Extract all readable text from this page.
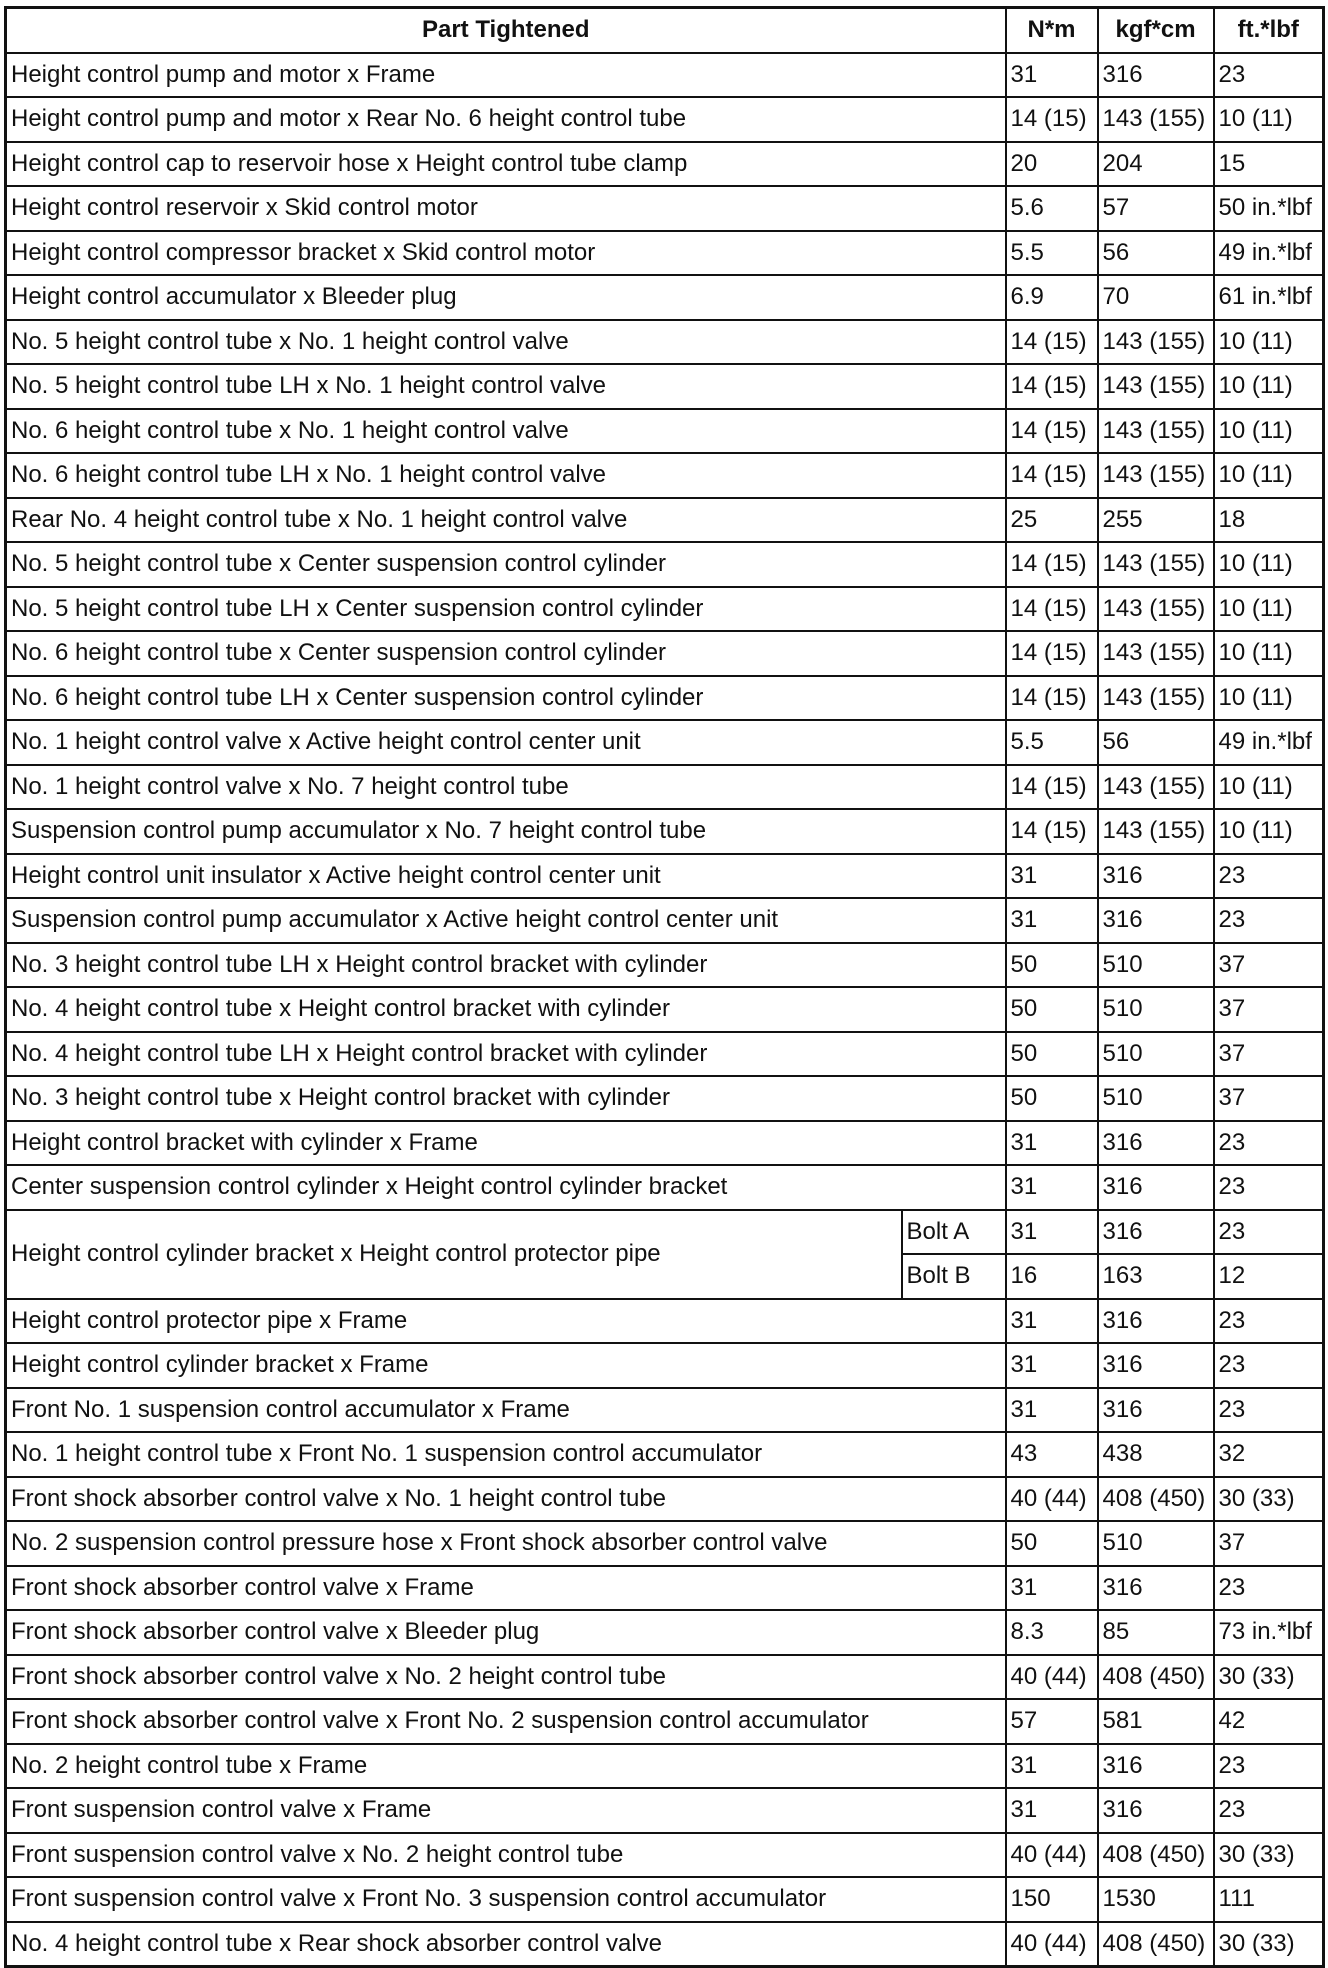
Part Tightened		N*m	kgf*cm	ft.*lbf
Height control pump and motor x Frame		31	316	23
Height control pump and motor x Rear No. 6 height control tube		14 (15)	143 (155)	10 (11)
Height control cap to reservoir hose x Height control tube clamp		20	204	15
Height control reservoir x Skid control motor		5.6	57	50 in.*lbf
Height control compressor bracket x Skid control motor		5.5	56	49 in.*lbf
Height control accumulator x Bleeder plug		6.9	70	61 in.*lbf
No. 5 height control tube x No. 1 height control valve		14 (15)	143 (155)	10 (11)
No. 5 height control tube LH x No. 1 height control valve		14 (15)	143 (155)	10 (11)
No. 6 height control tube x No. 1 height control valve		14 (15)	143 (155)	10 (11)
No. 6 height control tube LH x No. 1 height control valve		14 (15)	143 (155)	10 (11)
Rear No. 4 height control tube x No. 1 height control valve		25	255	18
No. 5 height control tube x Center suspension control cylinder		14 (15)	143 (155)	10 (11)
No. 5 height control tube LH x Center suspension control cylinder		14 (15)	143 (155)	10 (11)
No. 6 height control tube x Center suspension control cylinder		14 (15)	143 (155)	10 (11)
No. 6 height control tube LH x Center suspension control cylinder		14 (15)	143 (155)	10 (11)
No. 1 height control valve x Active height control center unit		5.5	56	49 in.*lbf
No. 1 height control valve x No. 7 height control tube		14 (15)	143 (155)	10 (11)
Suspension control pump accumulator x No. 7 height control tube		14 (15)	143 (155)	10 (11)
Height control unit insulator x Active height control center unit		31	316	23
Suspension control pump accumulator x Active height control center unit		31	316	23
No. 3 height control tube LH x Height control bracket with cylinder		50	510	37
No. 4 height control tube x Height control bracket with cylinder		50	510	37
No. 4 height control tube LH x Height control bracket with cylinder		50	510	37
No. 3 height control tube x Height control bracket with cylinder		50	510	37
Height control bracket with cylinder x Frame		31	316	23
Center suspension control cylinder x Height control cylinder bracket		31	316	23
Height control cylinder bracket x Height control protector pipe	Bolt A	31	316	23
	Bolt B	16	163	12
Height control protector pipe x Frame		31	316	23
Height control cylinder bracket x Frame		31	316	23
Front No. 1 suspension control accumulator x Frame		31	316	23
No. 1 height control tube x Front No. 1 suspension control accumulator		43	438	32
Front shock absorber control valve x No. 1 height control tube		40 (44)	408 (450)	30 (33)
No. 2 suspension control pressure hose x Front shock absorber control valve		50	510	37
Front shock absorber control valve x Frame		31	316	23
Front shock absorber control valve x Bleeder plug		8.3	85	73 in.*lbf
Front shock absorber control valve x No. 2 height control tube		40 (44)	408 (450)	30 (33)
Front shock absorber control valve x Front No. 2 suspension control accumulator		57	581	42
No. 2 height control tube x Frame		31	316	23
Front suspension control valve x Frame		31	316	23
Front suspension control valve x No. 2 height control tube		40 (44)	408 (450)	30 (33)
Front suspension control valve x Front No. 3 suspension control accumulator		150	1530	111
No. 4 height control tube x Rear shock absorber control valve		40 (44)	408 (450)	30 (33)
